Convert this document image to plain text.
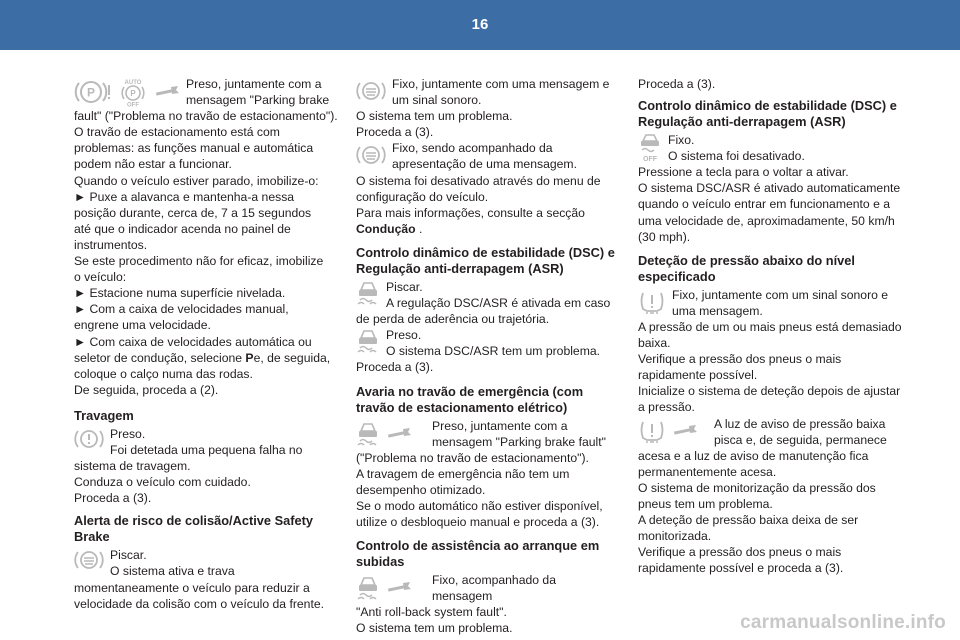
16
P
AUTO
P
OFF

Preso, juntamente com a

mensagem "Parking brake

fault" ("Problema no travão de estacionamento").

O travão de estacionamento está com

problemas: as funções manual e automática

podem não estar a funcionar.

Quando o veículo estiver parado, imobilize-o:

► Puxe a alavanca e mantenha-a nessa

posição durante, cerca de, 7 a 15 segundos

até que o indicador acenda no painel de

instrumentos.

Se este procedimento não for eficaz, imobilize

o veículo:

► Estacione numa superfície nivelada.

► Com a caixa de velocidades manual,

engrene uma velocidade.

► Com caixa de velocidades automática ou

seletor de condução, selecione Pe, de seguida,

coloque o calço numa das rodas.

De seguida, proceda a (2).

Travagem

Preso.

Foi detetada uma pequena falha no

sistema de travagem.

Conduza o veículo com cuidado.

Proceda a (3).

Alerta de risco de colisão/Active Safety
Brake

Piscar.

O sistema ativa e trava

momentaneamente o veículo para reduzir a

velocidade da colisão com o veículo da frente.

Fixo, juntamente com uma mensagem e

um sinal sonoro.

O sistema tem um problema.

Proceda a (3).

Fixo, sendo acompanhado da

apresentação de uma mensagem.

O sistema foi desativado através do menu de

configuração do veículo.

Para mais informações, consulte a secção

Condução .

Controlo dinâmico de estabilidade (DSC) e
Regulação anti-derrapagem (ASR)

Piscar.

A regulação DSC/ASR é ativada em caso

de perda de aderência ou trajetória.

Preso.

O sistema DSC/ASR tem um problema.

Proceda a (3).

Avaria no travão de emergência (com
travão de estacionamento elétrico)

Preso, juntamente com a

mensagem "Parking brake fault"

("Problema no travão de estacionamento").

A travagem de emergência não tem um

desempenho otimizado.

Se o modo automático não estiver disponível,

utilize o desbloqueio manual e proceda a (3).

Controlo de assistência ao arranque em
subidas

Fixo, acompanhado da mensagem

"Anti roll-back system fault".

O sistema tem um problema.

Proceda a (3).

Controlo dinâmico de estabilidade (DSC) e
Regulação anti-derrapagem (ASR)
OFF

Fixo.

O sistema foi desativado.

Pressione a tecla para o voltar a ativar.

O sistema DSC/ASR é ativado automaticamente

quando o veículo entrar em funcionamento e a

uma velocidade de, aproximadamente, 50 km/h

(30 mph).

Deteção de pressão abaixo do nível
especificado

Fixo, juntamente com um sinal sonoro e

uma mensagem.

A pressão de um ou mais pneus está demasiado

baixa.

Verifique a pressão dos pneus o mais

rapidamente possível.

Inicialize o sistema de deteção depois de ajustar

a pressão.

A luz de aviso de pressão baixa

pisca e, de seguida, permanece

acesa e a luz de aviso de manutenção fica

permanentemente acesa.

O sistema de monitorização da pressão dos

pneus tem um problema.

A deteção de pressão baixa deixa de ser

monitorizada.

Verifique a pressão dos pneus o mais

rapidamente possível e proceda a (3).

carmanualsonline.info
